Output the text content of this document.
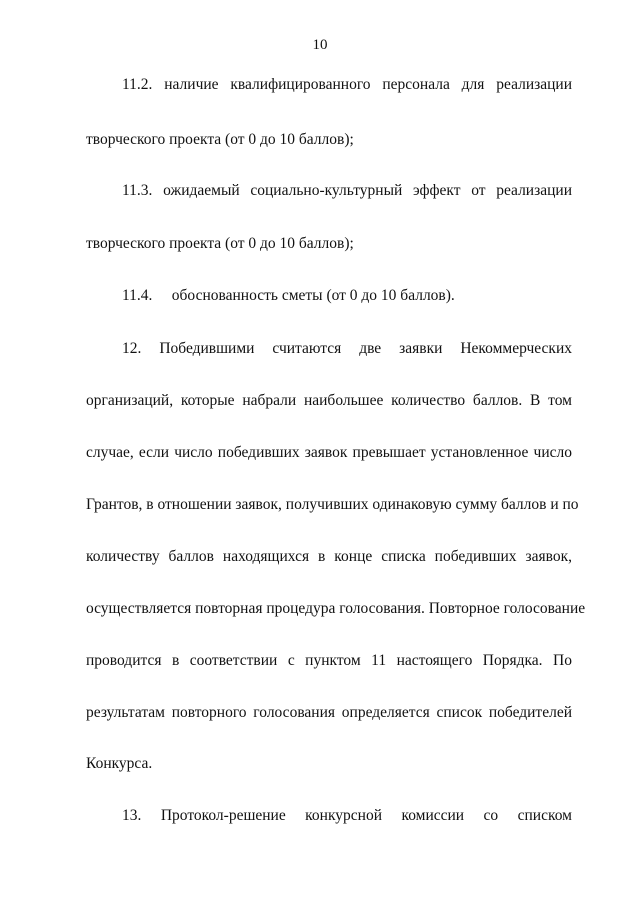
10
11.2. наличие квалифицированного персонала для реализации
творческого проекта (от 0 до 10 баллов);
11.3. ожидаемый социально-культурный эффект от реализации
творческого проекта (от 0 до 10 баллов);
11.4.     обоснованность сметы (от 0 до 10 баллов).
12. Победившими считаются две заявки Некоммерческих
организаций, которые набрали наибольшее количество баллов. В том
случае, если число победивших заявок превышает установленное число
Грантов, в отношении заявок, получивших одинаковую сумму баллов и по
количеству баллов находящихся в конце списка победивших заявок,
осуществляется повторная процедура голосования. Повторное голосование
проводится в соответствии с пунктом 11 настоящего Порядка. По
результатам повторного голосования определяется список победителей
Конкурса.
13. Протокол-решение конкурсной комиссии со списком
